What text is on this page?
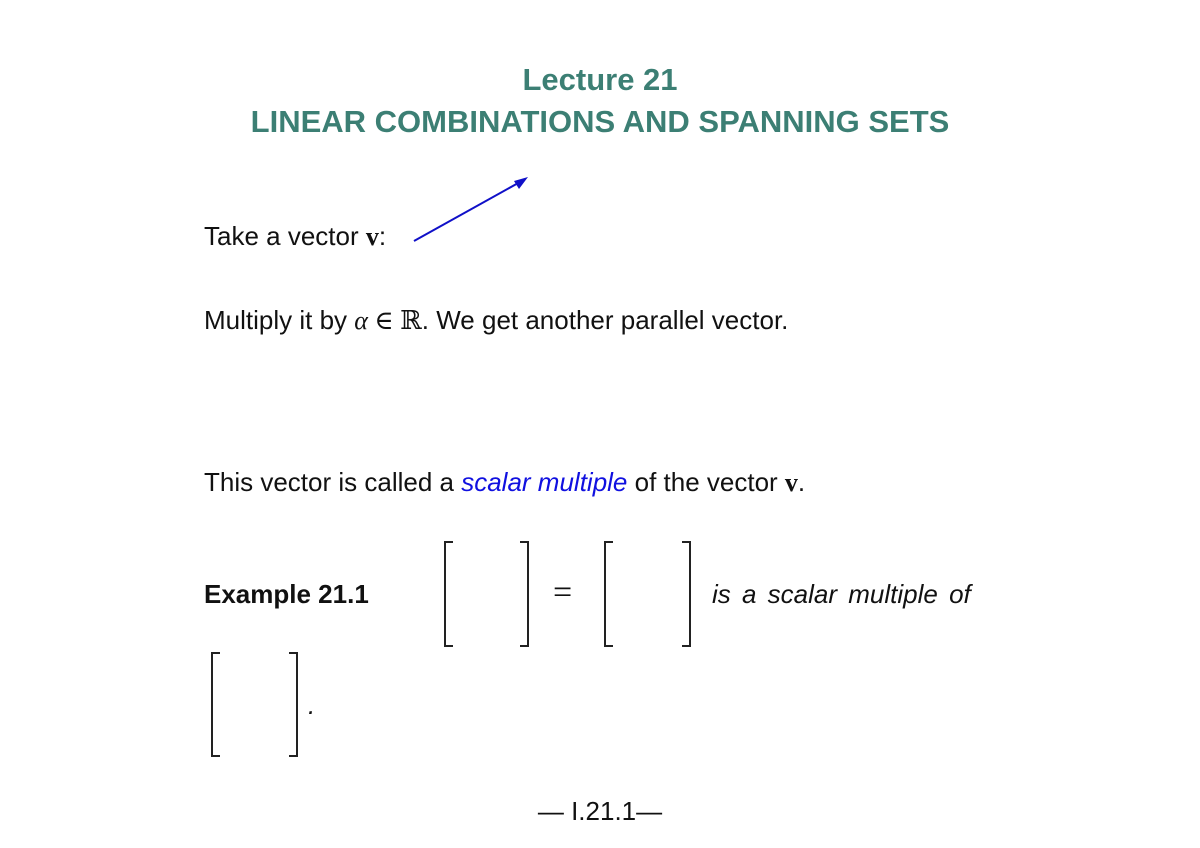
Lecture 21
LINEAR COMBINATIONS AND SPANNING SETS
Take a vector v:
Multiply it by α ∈ ℝ. We get another parallel vector.
This vector is called a scalar multiple of the vector v.
Example 21.1	=	is a scalar multiple of
.
— I.21.1—
